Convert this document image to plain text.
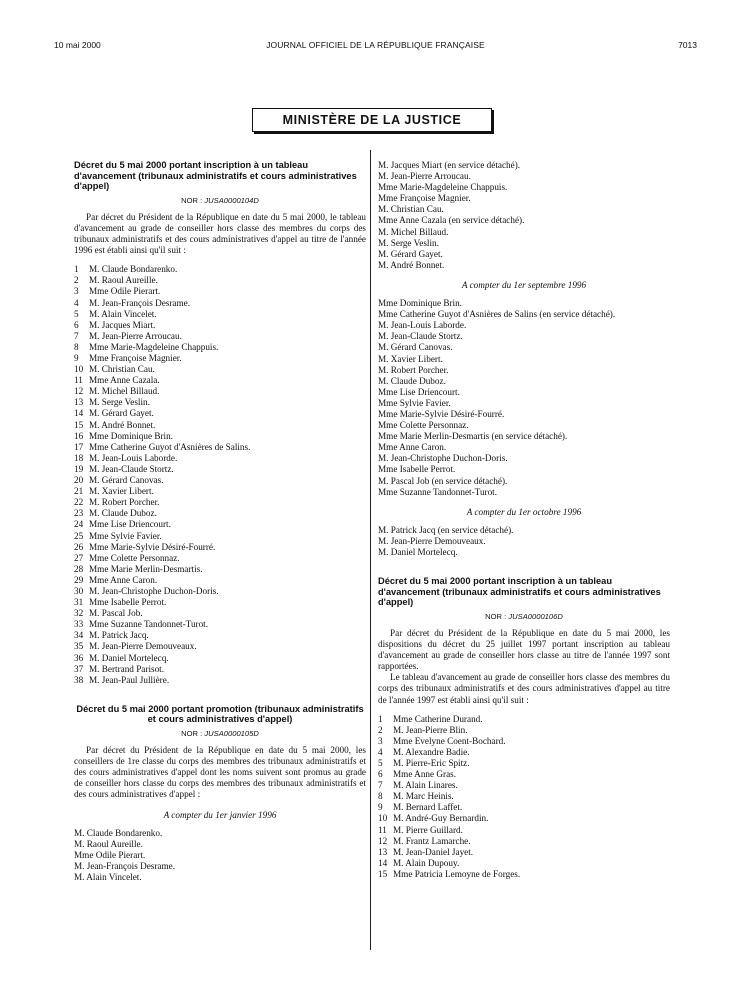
10 mai 2000	JOURNAL OFFICIEL DE LA RÉPUBLIQUE FRANÇAISE	7013
MINISTÈRE DE LA JUSTICE
Décret du 5 mai 2000 portant inscription à un tableau d'avancement (tribunaux administratifs et cours administratives d'appel)
NOR : JUSA0000104D

Par décret du Président de la République en date du 5 mai 2000, le tableau d'avancement au grade de conseiller hors classe des membres du corps des tribunaux administratifs et des cours administratives d'appel au titre de l'année 1996 est établi ainsi qu'il suit :

1 M. Claude Bondarenko.
2 M. Raoul Aureille.
3 Mme Odile Pierart.
4 M. Jean-François Desrame.
5 M. Alain Vincelet.
6 M. Jacques Miart.
7 M. Jean-Pierre Arroucau.
8 Mme Marie-Magdeleine Chappuis.
9 Mme Françoise Magnier.
10 M. Christian Cau.
11 Mme Anne Cazala.
12 M. Michel Billaud.
13 M. Serge Veslin.
14 M. Gérard Gayet.
15 M. André Bonnet.
16 Mme Dominique Brin.
17 Mme Catherine Guyot d'Asnières de Salins.
18 M. Jean-Louis Laborde.
19 M. Jean-Claude Stortz.
20 M. Gérard Canovas.
21 M. Xavier Libert.
22 M. Robert Porcher.
23 M. Claude Duboz.
24 Mme Lise Driencourt.
25 Mme Sylvie Favier.
26 Mme Marie-Sylvie Désiré-Fourré.
27 Mme Colette Personnaz.
28 Mme Marie Merlin-Desmartis.
29 Mme Anne Caron.
30 M. Jean-Christophe Duchon-Doris.
31 Mme Isabelle Perrot.
32 M. Pascal Job.
33 Mme Suzanne Tandonnet-Turot.
34 M. Patrick Jacq.
35 M. Jean-Pierre Demouveaux.
36 M. Daniel Mortelecq.
37 M. Bertrand Parisot.
38 M. Jean-Paul Jullière.
Décret du 5 mai 2000 portant promotion (tribunaux administratifs et cours administratives d'appel)
NOR : JUSA0000105D

Par décret du Président de la République en date du 5 mai 2000, les conseillers de 1re classe du corps des membres des tribunaux administratifs et des cours administratives d'appel dont les noms suivent sont promus au grade de conseiller hors classe du corps des membres des tribunaux administratifs et des cours administratives d'appel :

A compter du 1er janvier 1996
M. Claude Bondarenko.
M. Raoul Aureille.
Mme Odile Pierart.
M. Jean-François Desrame.
M. Alain Vincelet.
M. Jacques Miart (en service détaché).
M. Jean-Pierre Arroucau.
Mme Marie-Magdeleine Chappuis.
Mme Françoise Magnier.
M. Christian Cau.
Mme Anne Cazala (en service détaché).
M. Michel Billaud.
M. Serge Veslin.
M. Gérard Gayet.
M. André Bonnet.
A compter du 1er septembre 1996
Mme Dominique Brin.
Mme Catherine Guyot d'Asnières de Salins (en service détaché).
M. Jean-Louis Laborde.
M. Jean-Claude Stortz.
M. Gérard Canovas.
M. Xavier Libert.
M. Robert Porcher.
M. Claude Duboz.
Mme Lise Driencourt.
Mme Sylvie Favier.
Mme Marie-Sylvie Désiré-Fourré.
Mme Colette Personnaz.
Mme Marie Merlin-Desmartis (en service détaché).
Mme Anne Caron.
M. Jean-Christophe Duchon-Doris.
Mme Isabelle Perrot.
M. Pascal Job (en service détaché).
Mme Suzanne Tandonnet-Turot.
A compter du 1er octobre 1996
M. Patrick Jacq (en service détaché).
M. Jean-Pierre Demouveaux.
M. Daniel Mortelecq.
Décret du 5 mai 2000 portant inscription à un tableau d'avancement (tribunaux administratifs et cours administratives d'appel)
NOR : JUSA0000106D

Par décret du Président de la République en date du 5 mai 2000, les dispositions du décret du 25 juillet 1997 portant inscription au tableau d'avancement au grade de conseiller hors classe au titre de l'année 1997 sont rapportées.

Le tableau d'avancement au grade de conseiller hors classe des membres du corps des tribunaux administratifs et des cours administratives d'appel au titre de l'année 1997 est établi ainsi qu'il suit :

1 Mme Catherine Durand.
2 M. Jean-Pierre Blin.
3 Mme Evelyne Coent-Bochard.
4 M. Alexandre Badie.
5 M. Pierre-Eric Spitz.
6 Mme Anne Gras.
7 M. Alain Linares.
8 M. Marc Heinis.
9 M. Bernard Laffet.
10 M. André-Guy Bernardin.
11 M. Pierre Guillard.
12 M. Frantz Lamarche.
13 M. Jean-Daniel Jayet.
14 M. Alain Dupouy.
15 Mme Patricia Lemoyne de Forges.
